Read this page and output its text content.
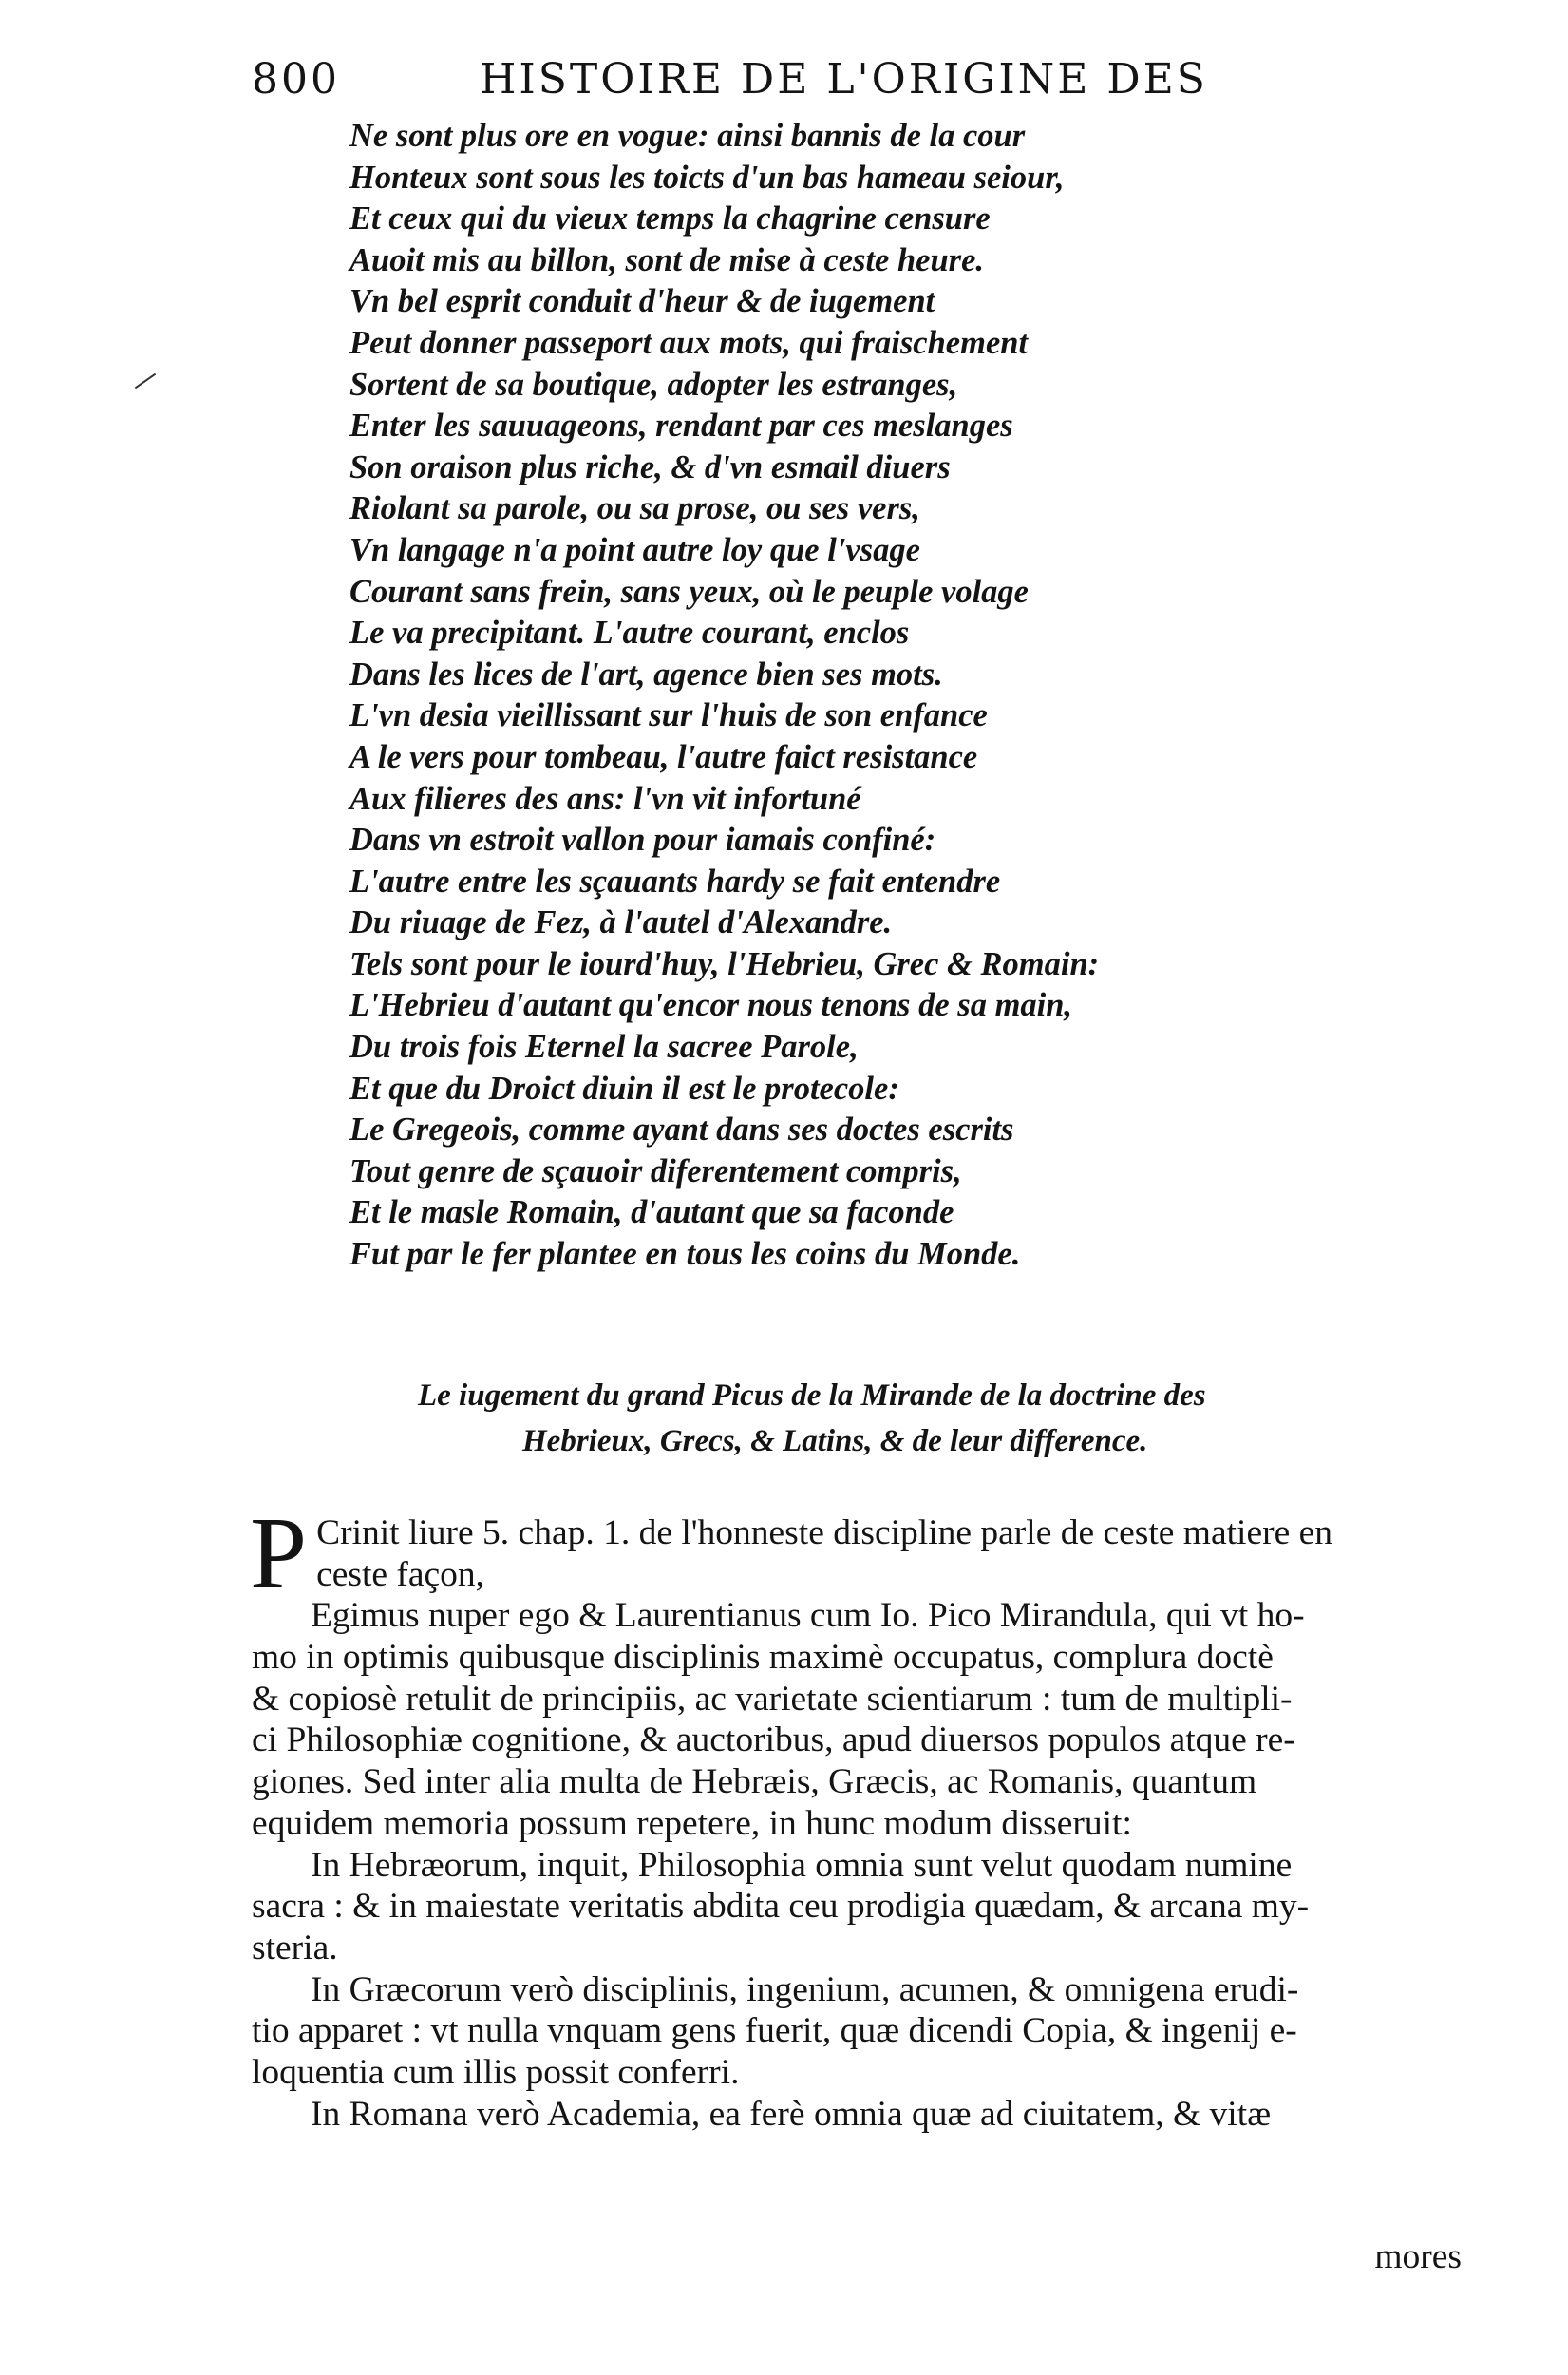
800	HISTOIRE DE L'ORIGINE DES
Ne sont plus ore en vogue: ainsi bannis de la cour
Honteux sont sous les toicts d'un bas hameau seiour,
Et ceux qui du vieux temps la chagrine censure
Auoit mis au billon, sont de mise à ceste heure.
Vn bel esprit conduit d'heur & de iugement
Peut donner passeport aux mots, qui fraischement
Sortent de sa boutique, adopter les estranges,
Enter les sauuageons, rendant par ces meslanges
Son oraison plus riche, & d'vn esmail diuers
Riolant sa parole, ou sa prose, ou ses vers,
Vn langage n'a point autre loy que l'vsage
Courant sans frein, sans yeux, où le peuple volage
Le va precipitant. L'autre courant, enclos
Dans les lices de l'art, agence bien ses mots.
L'vn desia vieillissant sur l'huis de son enfance
A le vers pour tombeau, l'autre faict resistance
Aux filieres des ans: l'vn vit infortuné
Dans vn estroit vallon pour iamais confiné:
L'autre entre les sçauants hardy se fait entendre
Du riuage de Fez, à l'autel d'Alexandre.
Tels sont pour le iourd'huy, l'Hebrieu, Grec & Romain:
L'Hebrieu d'autant qu'encor nous tenons de sa main,
Du trois fois Eternel la sacree Parole,
Et que du Droict diuin il est le protecole:
Le Gregeois, comme ayant dans ses doctes escrits
Tout genre de sçauoir diferentement compris,
Et le masle Romain, d'autant que sa faconde
Fut par le fer plantee en tous les coins du Monde.
Le iugement du grand Picus de la Mirande de la doctrine des
Hebrieux, Grecs, & Latins, & de leur difference.
P Crinit liure 5. chap. 1. de l'honneste discipline parle de ceste matiere en
ceste façon,
Egimus nuper ego & Laurentianus cum Io. Pico Mirandula, qui vt ho-
mo in optimis quibusque disciplinis maximè occupatus, complura doctè
& copiosè retulit de principiis, ac varietate scientiarum : tum de multipli-
ci Philosophiæ cognitione, & auctoribus, apud diuersos populos atque re-
giones. Sed inter alia multa de Hebræis, Græcis, ac Romanis, quantum
equidem memoria possum repetere, in hunc modum disseruit:
In Hebræorum, inquit, Philosophia omnia sunt velut quodam numine
sacra : & in maiestate veritatis abdita ceu prodigia quædam, & arcana my-
steria.
In Græcorum verò disciplinis, ingenium, acumen, & omnigena erudi-
tio apparet : vt nulla vnquam gens fuerit, quæ dicendi Copia, & ingenij e-
loquentia cum illis possit conferri.
In Romana verò Academia, ea ferè omnia quæ ad ciuitatem, & vitæ
mores
